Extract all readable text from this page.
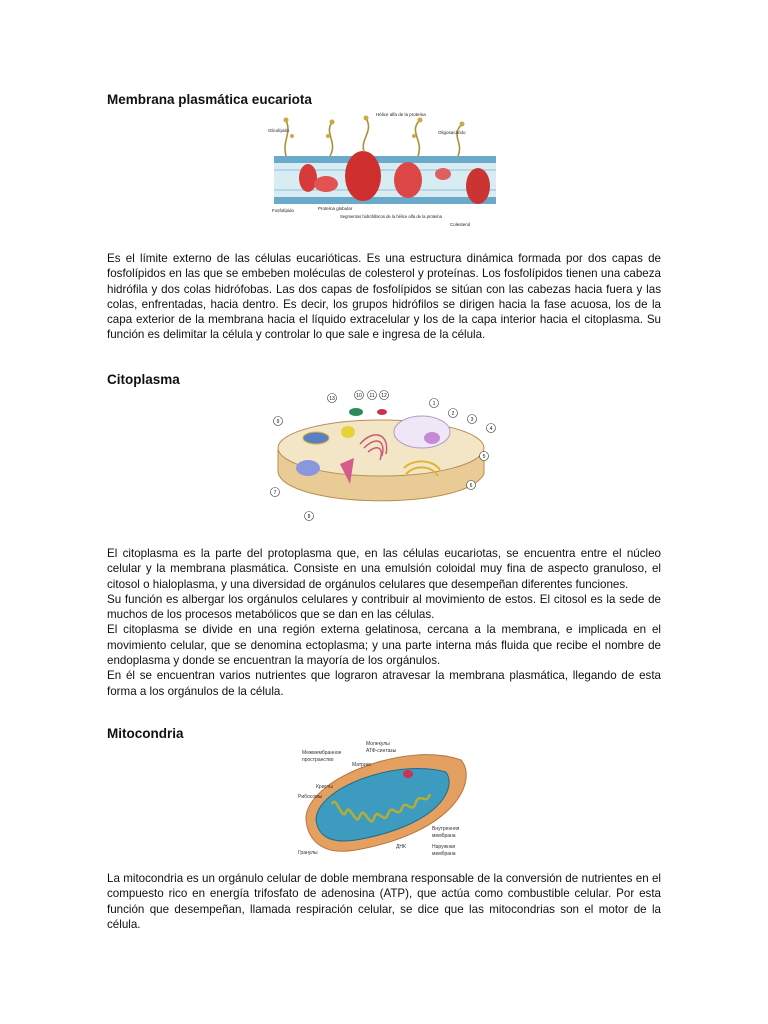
Membrana plasmática eucariota
Hélice alfa de la proteína
Oligosacárido
Glicolípido
Fosfolípido	Proteína globular
Segmentos hidrofóbicos de la hélice alfa de la proteína
Colesterol

Es el límite externo de las células eucarióticas. Es una estructura dinámica formada por dos capas de fosfolípidos en las que se embeben moléculas de colesterol y proteínas. Los fosfolípidos tienen una cabeza hidrófila y dos colas hidrófobas. Las dos capas de fosfolípidos se sitúan con las cabezas hacia fuera y las colas, enfrentadas, hacia dentro. Es decir, los grupos hidrófilos se dirigen hacia la fase acuosa, los de la capa exterior de la membrana hacia el líquido extracelular y los de la capa interior hacia el citoplasma. Su función es delimitar la célula y controlar lo que sale e ingresa de la célula.

Citoplasma
1
2
3
4
5
6
7
8
9
10 11 12
13

El citoplasma es la parte del protoplasma que, en las células eucariotas, se encuentra entre el núcleo celular y la membrana plasmática. Consiste en una emulsión coloidal muy fina de aspecto granuloso, el citosol o hialoplasma, y una diversidad de orgánulos celulares que desempeñan diferentes funciones.

Su función es albergar los orgánulos celulares y contribuir al movimiento de estos. El citosol es la sede de muchos de los procesos metabólicos que se dan en las células.

El citoplasma se divide en una región externa gelatinosa, cercana a la membrana, e implicada en el movimiento celular, que se denomina ectoplasma; y una parte interna más fluida que recibe el nombre de endoplasma y donde se encuentran la mayoría de los orgánulos.

En él se encuentran varios nutrientes que lograron atravesar la membrana plasmática, llegando de esta forma a los orgánulos de la célula.

Mitocondria
Молекулы
АТФ-синтазы
Межмембранное
пространство
Матрикс
Кристы
Рибосомы
Гранулы
ДНК
Внутренняя
мембрана
Наружная
мембрана

La mitocondria es un orgánulo celular de doble membrana responsable de la conversión de nutrientes en el compuesto rico en energía trifosfato de adenosina (ATP), que actúa como combustible celular. Por esta función que desempeñan, llamada respiración celular, se dice que las mitocondrias son el motor de la célula.
